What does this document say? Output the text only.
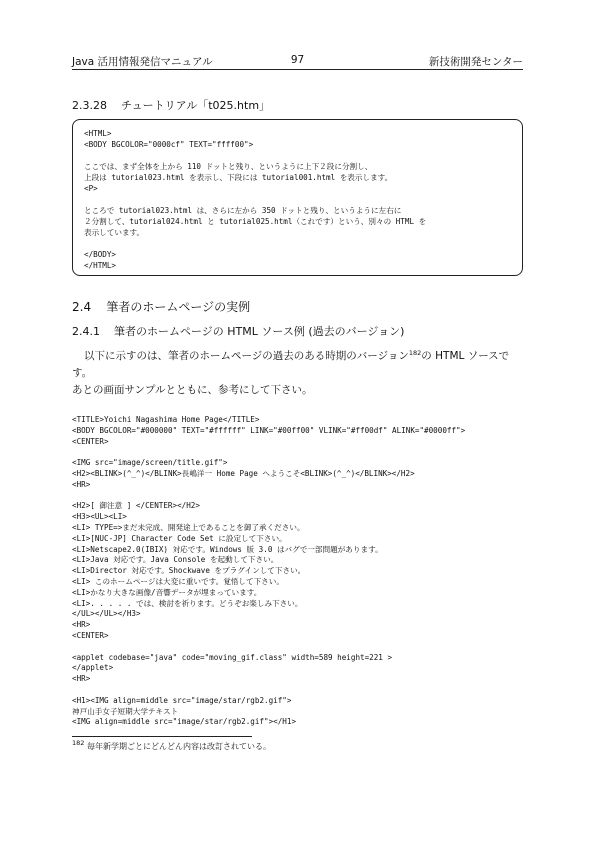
Java 活用情報発信マニュアル	97	新技術開発センター
2.3.28 チュートリアル「t025.htm」
<HTML>
<BODY BGCOLOR="0000cf" TEXT="ffff00">
ここでは、まず全体を上から 110 ドットと残り、というように上下２段に分割し、
上段は tutorial023.html を表示し、下段には tutorial001.html を表示します。
<P>
ところで tutorial023.html は、さらに左から 350 ドットと残り、というように左右に
２分割して、tutorial024.html と tutorial025.html（これです）という、別々の HTML を
表示しています。
</BODY>
</HTML>
2.4 筆者のホームページの実例
2.4.1 筆者のホームページの HTML ソース例 (過去のバージョン)

以下に示すのは、筆者のホームページの過去のある時期のバージョン$^{182}$の HTML ソースです。

あとの画面サンプルとともに、参考にして下さい。

<TITLE>Yoichi Nagashima Home Page</TITLE>
<BODY BGCOLOR="#000000" TEXT="#ffffff" LINK="#00ff00" VLINK="#ff00df" ALINK="#0000ff">
<CENTER>
<IMG src="image/screen/title.gif">
<H2><BLINK>(^_^)</BLINK>長嶋洋一 Home Page へようこそ<BLINK>(^_^)</BLINK></H2>
<HR>
<H2>[ 御注意 ] </CENTER></H2>
<H3><UL><LI>
<LI> TYPE=>まだ未完成、開発途上であることを御了承ください。
<LI>[NUC-JP] Character Code Set に設定して下さい。
<LI>Netscape2.0(IBIX) 対応です。Windows 版 3.0 はバグで一部問題があります。
<LI>Java 対応です。Java Console を起動して下さい。
<LI>Director 対応です。Shockwave をプラグインして下さい。
<LI> このホームページは大変に重いです。覚悟して下さい。
<LI>かなり大きな画像/音響データが埋まっています。
<LI>. . . . . では、検討を祈ります。どうぞお楽しみ下さい。
</UL></UL></H3>
<HR>
<CENTER>
<applet codebase="java" code="moving_gif.class" width=589 height=221 >
</applet>
<HR>
<H1><IMG align=middle src="image/star/rgb2.gif">
神戸山手女子短期大学テキスト
<IMG align=middle src="image/star/rgb2.gif"></H1>
$^{182}$ 毎年新学期ごとにどんどん内容は改訂されている。
